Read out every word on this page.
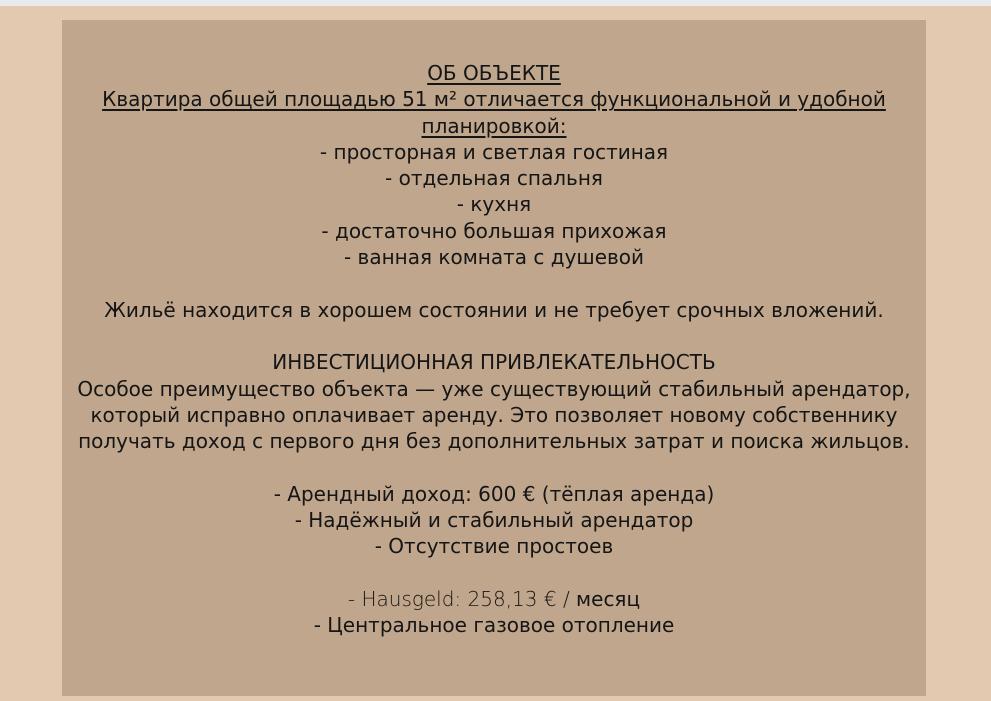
ОБ ОБЪЕКТЕ
Квартира общей площадью 51 м² отличается функциональной и удобной
планировкой:
- просторная и светлая гостиная
- отдельная спальня
- кухня
- достаточно большая прихожая
- ванная комната с душевой
Жильё находится в хорошем состоянии и не требует срочных вложений.
ИНВЕСТИЦИОННАЯ ПРИВЛЕКАТЕЛЬНОСТЬ
Особое преимущество объекта — уже существующий стабильный арендатор,
который исправно оплачивает аренду. Это позволяет новому собственнику
получать доход с первого дня без дополнительных затрат и поиска жильцов.
- Арендный доход: 600 € (тёплая аренда)
- Надёжный и стабильный арендатор
- Отсутствие простоев
- Hausgeld: 258,13 € / месяц
- Центральное газовое отопление
